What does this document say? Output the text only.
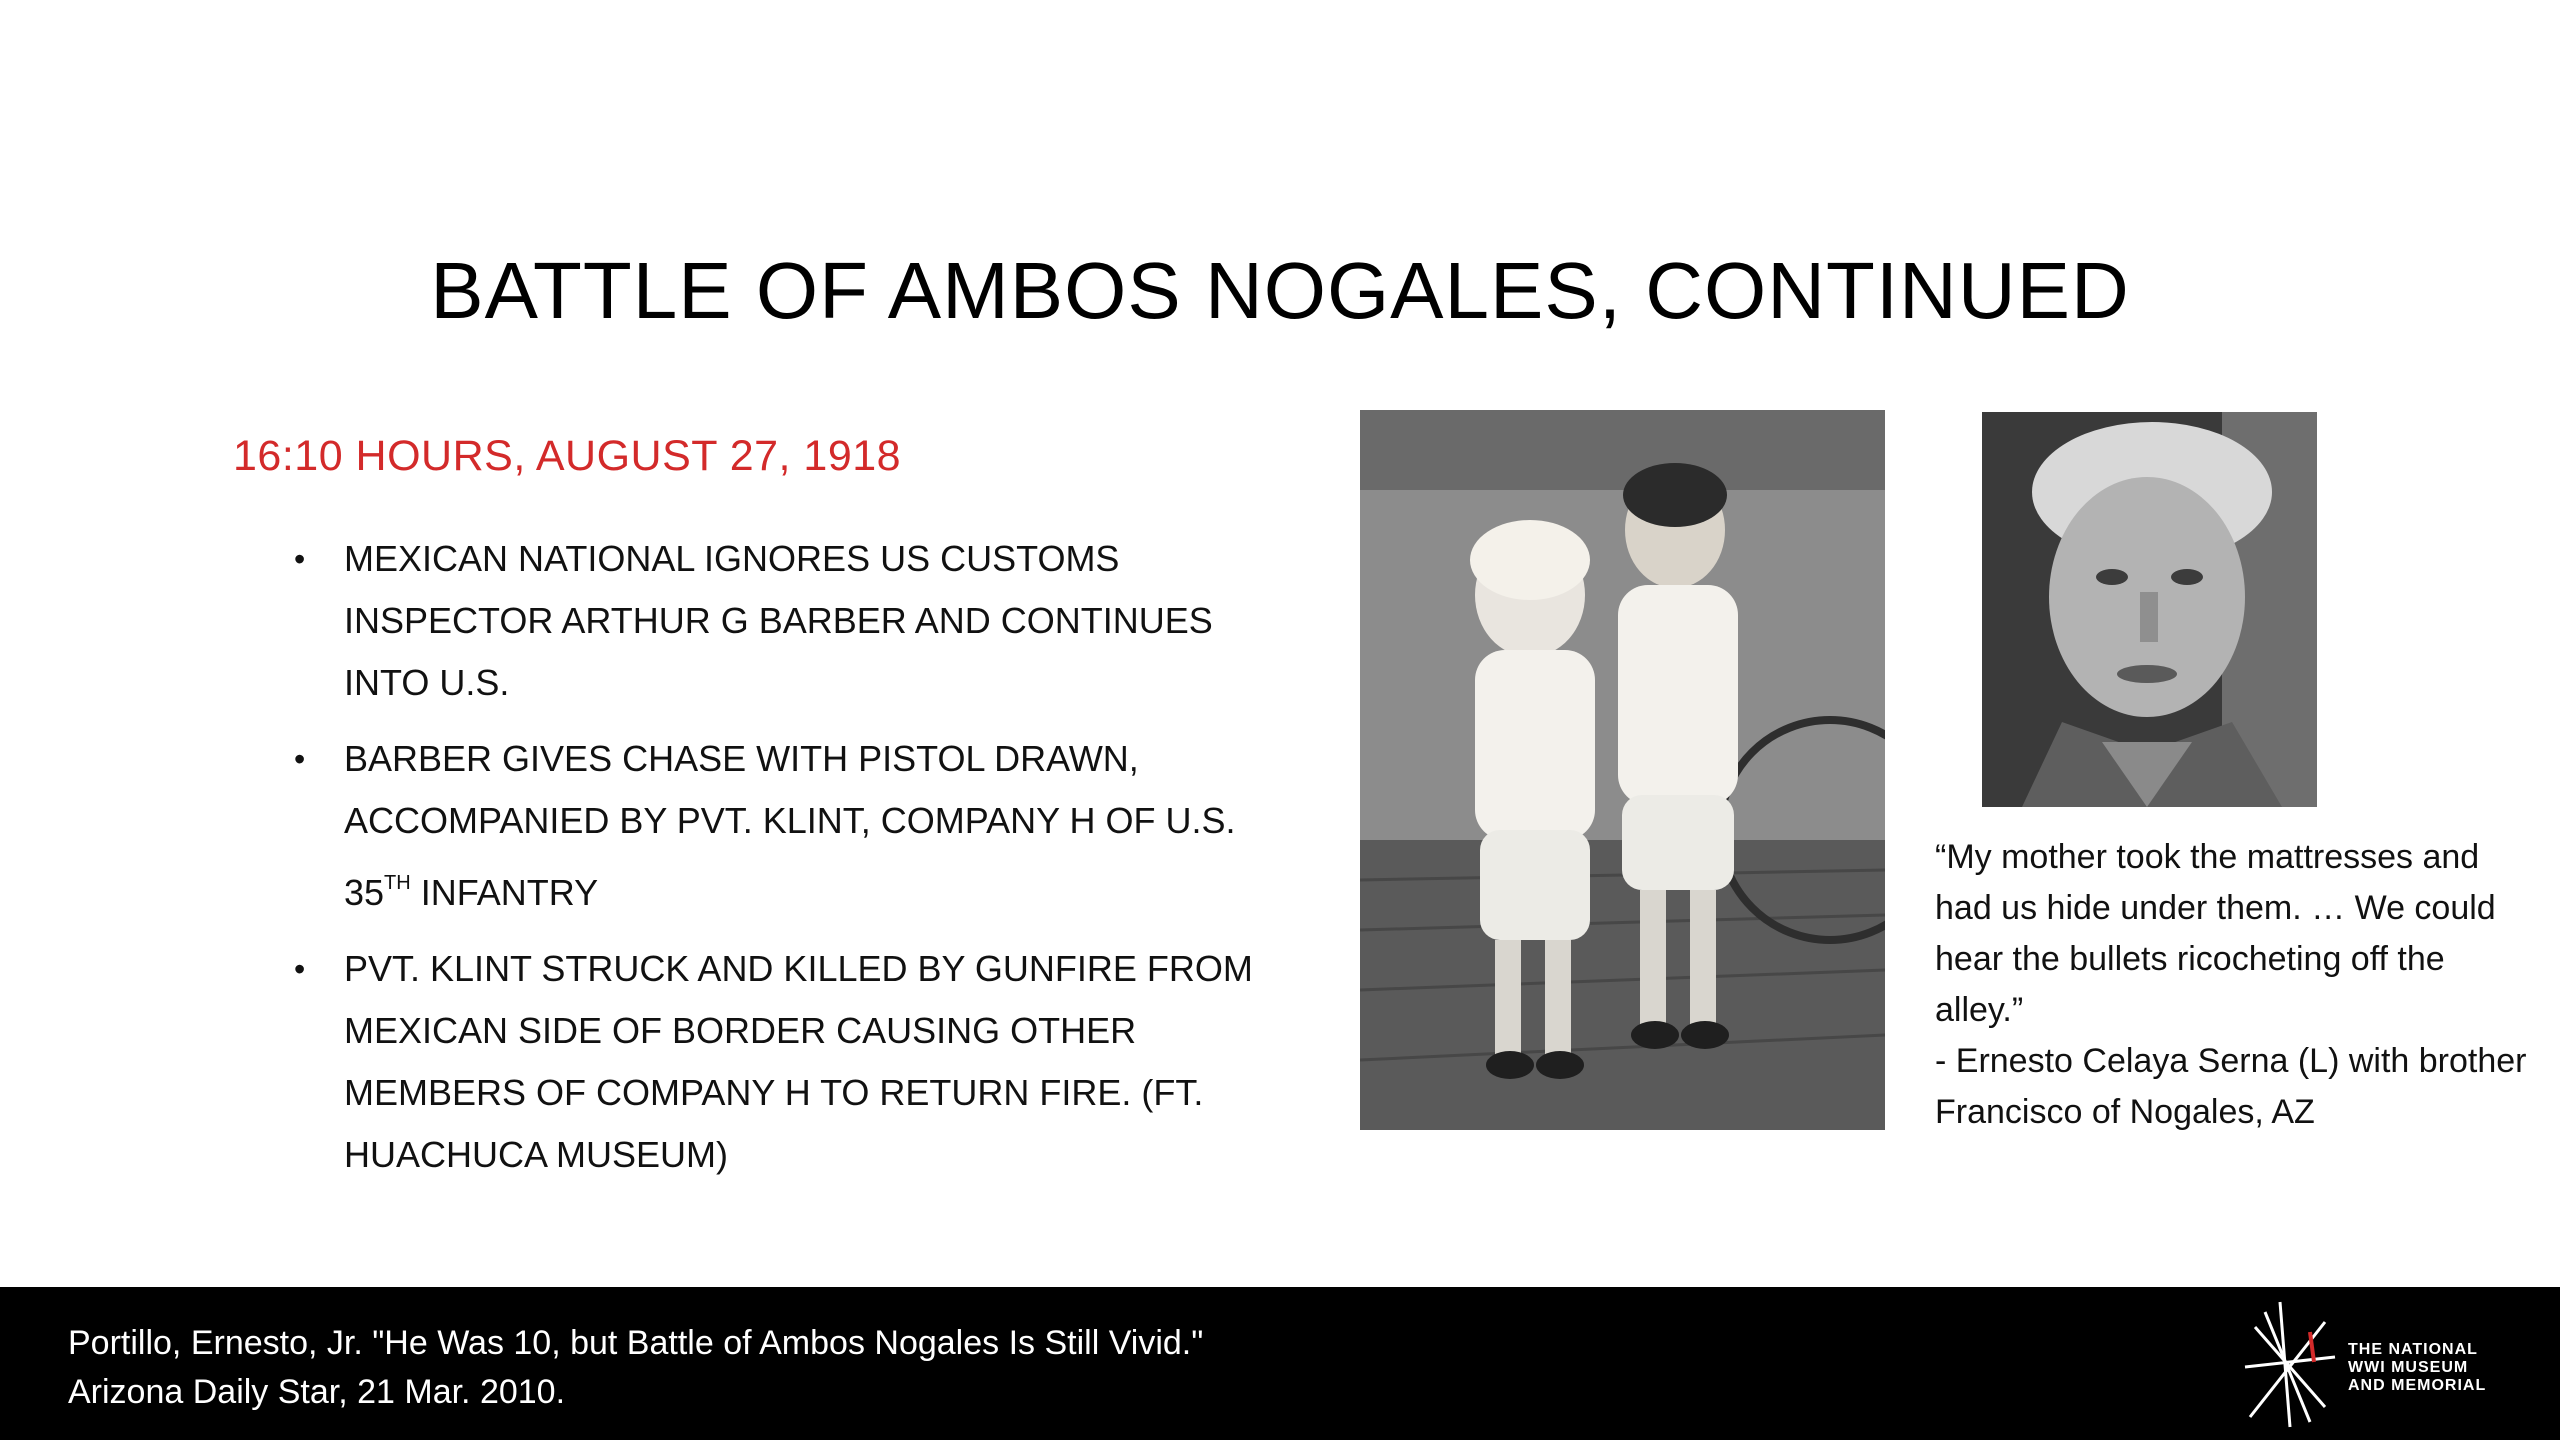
BATTLE OF AMBOS NOGALES, CONTINUED
16:10 HOURS, AUGUST 27, 1918
• MEXICAN NATIONAL IGNORES US CUSTOMS INSPECTOR ARTHUR G BARBER AND CONTINUES INTO U.S.
• BARBER GIVES CHASE WITH PISTOL DRAWN, ACCOMPANIED BY PVT. KLINT, COMPANY H OF U.S. 35TH INFANTRY
• PVT. KLINT STRUCK AND KILLED BY GUNFIRE FROM MEXICAN SIDE OF BORDER CAUSING OTHER MEMBERS OF COMPANY H TO RETURN FIRE. (FT. HUACHUCA MUSEUM)

“My mother took the mattresses and had us hide under them. … We could hear the bullets ricocheting off the alley.”

- Ernesto Celaya Serna (L) with brother Francisco of Nogales, AZ

Portillo, Ernesto, Jr. "He Was 10, but Battle of Ambos Nogales Is Still Vivid."

Arizona Daily Star, 21 Mar. 2010.

THE NATIONAL
WWI MUSEUM
AND MEMORIAL
